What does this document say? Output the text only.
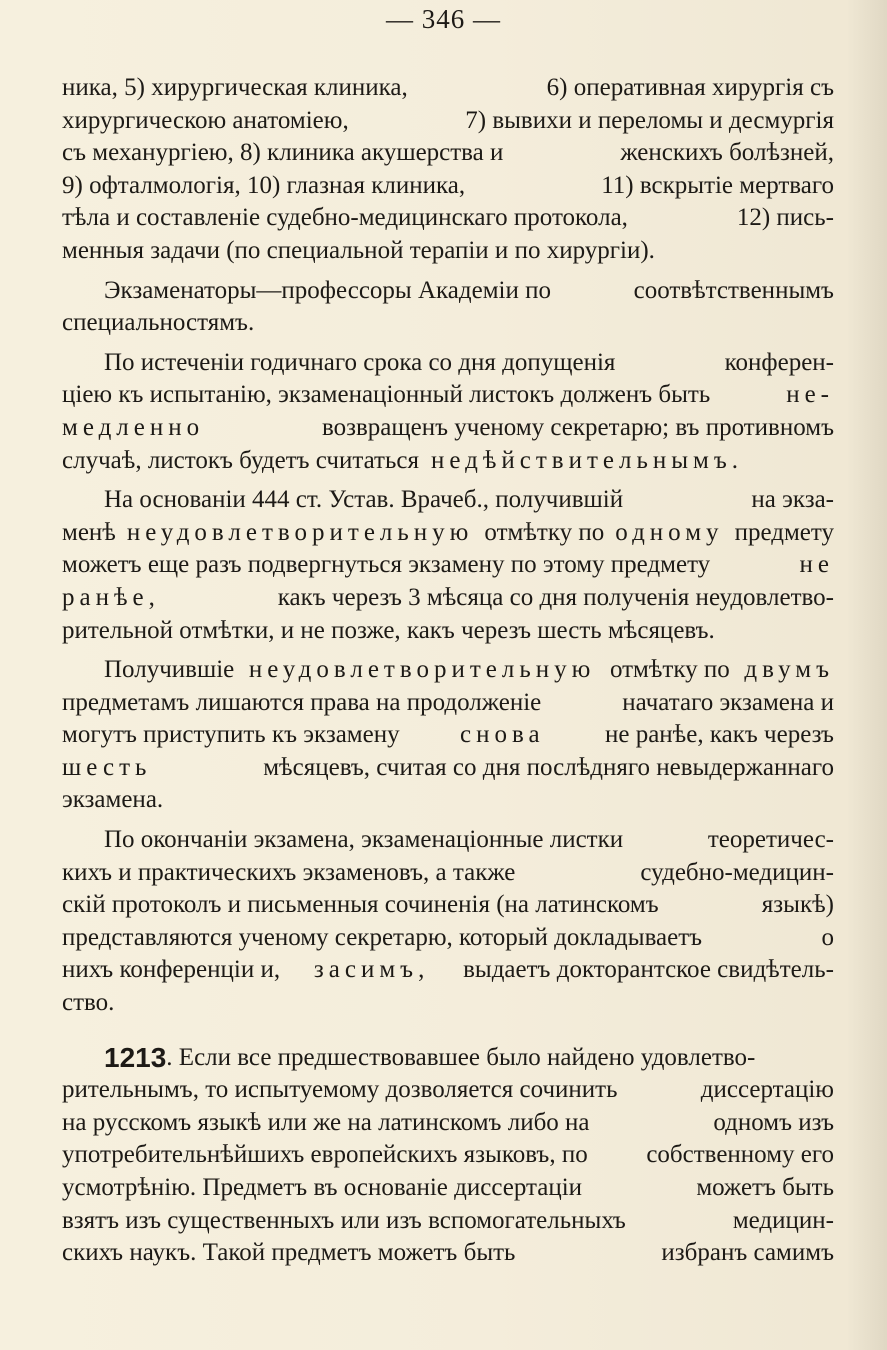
— 346 —
ника, 5) хирургическая клиника,	6) оперативная хирургія съ
хирургическою анатоміею,	7) вывихи и переломы и десмургія
съ механургіею, 8) клиника акушерства и	женскихъ болѣзней,
9) офталмологія, 10) глазная клиника,	11) вскрытіе мертваго
тѣла и составленіе судебно-медицинскаго протокола,	12) пись-
менныя задачи (по специальной терапіи и по хирургіи).
Экзаменаторы—профессоры Академіи по	соотвѣтственнымъ
специальностямъ.
По истеченіи годичнаго срока со дня допущенія	конферен-
ціею къ испытанію, экзаменаціонный листокъ долженъ быть	не-
медленно	возвращенъ ученому секретарю; въ противномъ
случаѣ, листокъ будетъ считаться недѣйствительнымъ.
На основаніи 444 ст. Устав. Врачеб., получившій	на экза-
менѣ неудовлетворительную отмѣтку по одному предмету
можетъ еще разъ подвергнуться экзамену по этому предмету	не
ранѣе,	какъ черезъ 3 мѣсяца со дня полученія неудовлетво-
рительной отмѣтки, и не позже, какъ черезъ шесть мѣсяцевъ.
Получившіе неудовлетворительную отмѣтку по двумъ
предметамъ лишаются права на продолженіе	начатаго экзамена и
могутъ приступить къ экзамену снова не ранѣе, какъ черезъ
шесть	мѣсяцевъ, считая со дня послѣдняго невыдержаннаго
экзамена.
По окончаніи экзамена, экзаменаціонные листки	теоретичес-
кихъ и практическихъ экзаменовъ, а также	судебно-медицин-
скій протоколъ и письменныя сочиненія (на латинскомъ	языкѣ)
представляются ученому секретарю, который докладываетъ	о
нихъ конференціи и, засимъ, выдаетъ докторантское свидѣтель-
ство.
1213 . Если все предшествовавшее было найдено удовлетво-
рительнымъ, то испытуемому дозволяется сочинить	диссертацію
на русскомъ языкѣ или же на латинскомъ либо на	одномъ изъ
употребительнѣйшихъ европейскихъ языковъ, по собственному его
усмотрѣнію. Предметъ въ основаніе диссертаціи	можетъ быть
взятъ изъ существенныхъ или изъ вспомогательныхъ	медицин-
скихъ наукъ. Такой предметъ можетъ быть	избранъ самимъ
